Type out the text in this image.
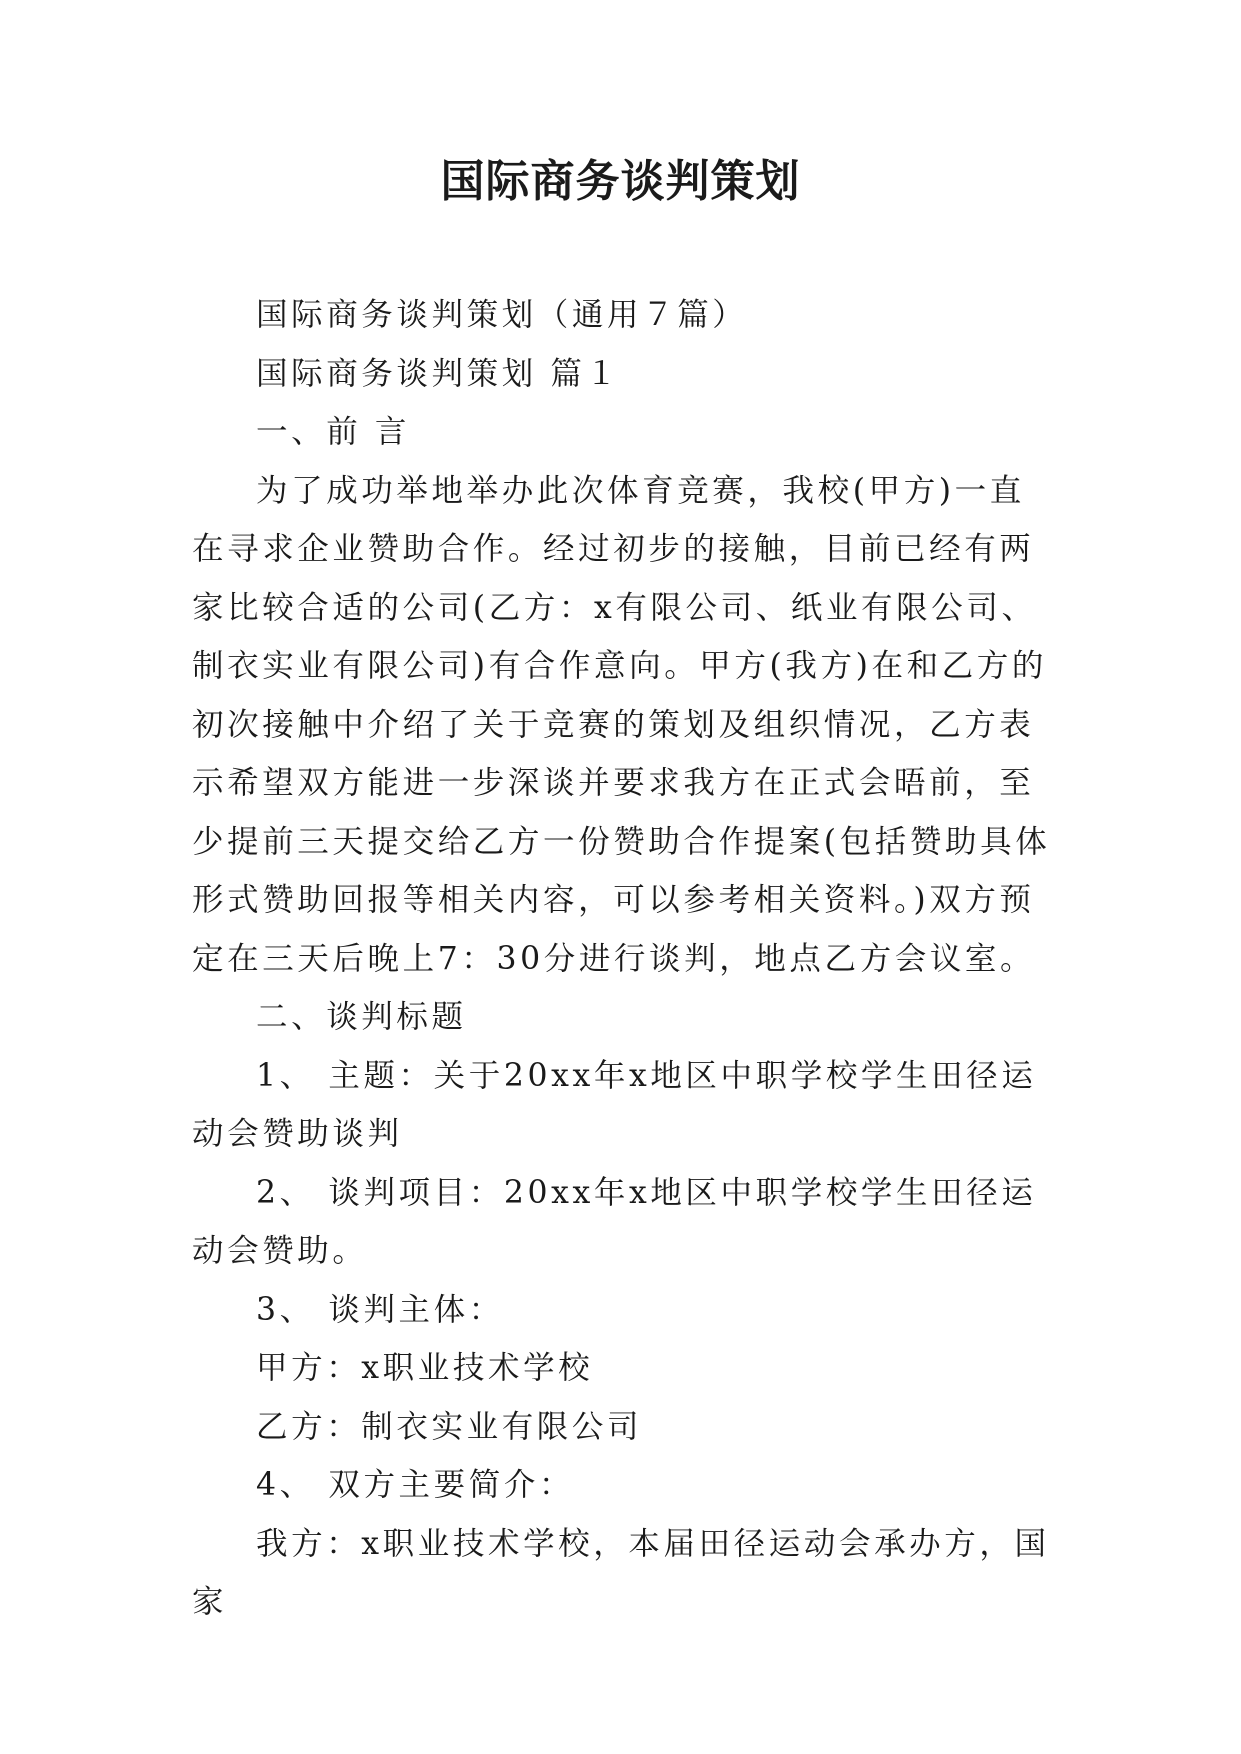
国际商务谈判策划

国际商务谈判策划（通用７篇）

国际商务谈判策划 篇１

一、前 言

为了成功举地举办此次体育竞赛，我校(甲方)一直在寻求企业赞助合作。经过初步的接触，目前已经有两家比较合适的公司(乙方：x有限公司、纸业有限公司、制衣实业有限公司)有合作意向。甲方(我方)在和乙方的初次接触中介绍了关于竞赛的策划及组织情况，乙方表示希望双方能进一步深谈并要求我方在正式会晤前，至少提前三天提交给乙方一份赞助合作提案(包括赞助具体形式赞助回报等相关内容，可以参考相关资料。)双方预定在三天后晚上7：30分进行谈判，地点乙方会议室。

二、谈判标题

1、 主题：关于20xx年x地区中职学校学生田径运动会赞助谈判

2、 谈判项目：20xx年x地区中职学校学生田径运动会赞助。

3、 谈判主体：

甲方：x职业技术学校

乙方：制衣实业有限公司

4、 双方主要简介：

我方：x职业技术学校，本届田径运动会承办方，国家
